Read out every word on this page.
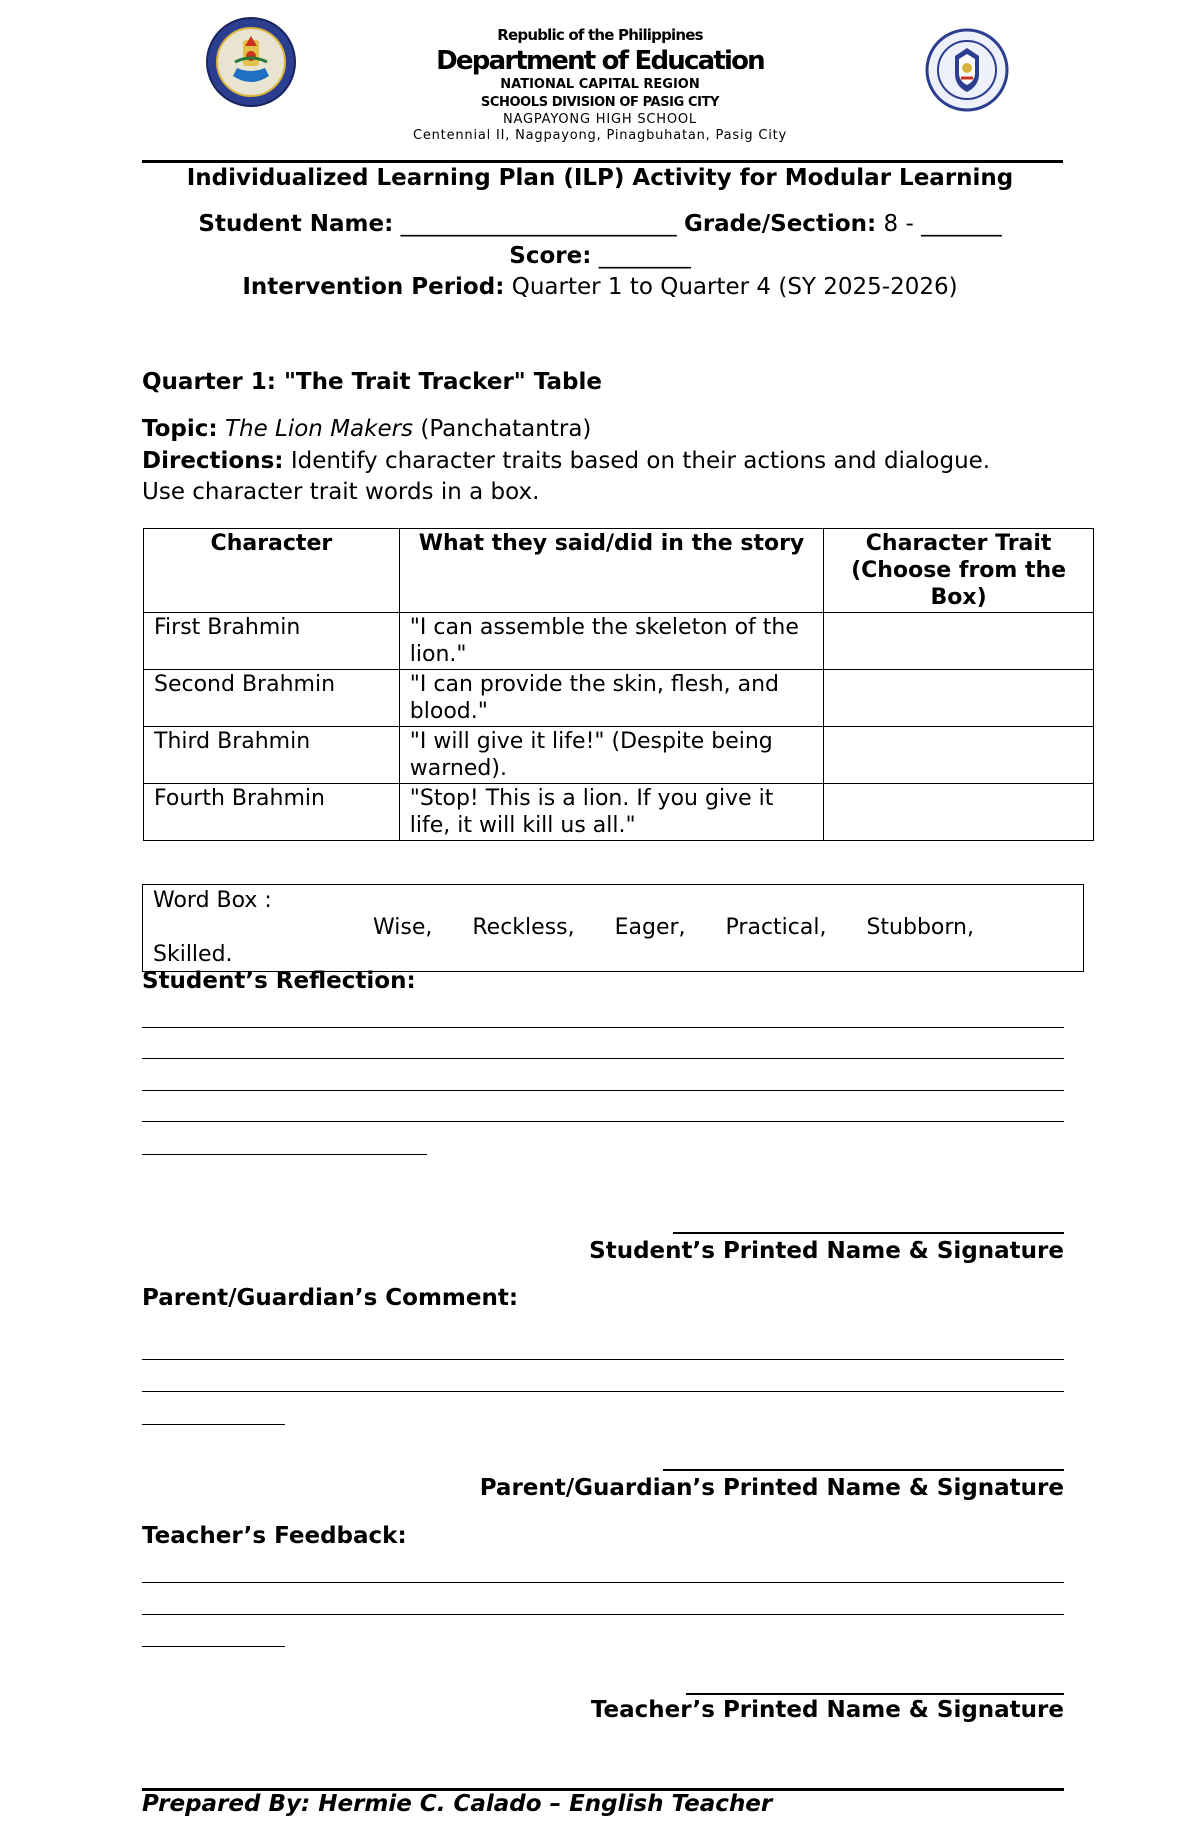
Republic of the Philippines
Department of Education
NATIONAL CAPITAL REGION
SCHOOLS DIVISION OF PASIG CITY
NAGPAYONG HIGH SCHOOL
Centennial II, Nagpayong, Pinagbuhatan, Pasig City
Individualized Learning Plan (ILP) Activity for Modular Learning
Student Name: ________________________ Grade/Section: 8 - _______
Score: ________
Intervention Period: Quarter 1 to Quarter 4 (SY 2025-2026)
Quarter 1: "The Trait Tracker" Table
Topic: The Lion Makers (Panchatantra)
Directions: Identify character traits based on their actions and dialogue.
Use character trait words in a box.
Character	What they said/did in the story	Character Trait (Choose from the Box)
First Brahmin	"I can assemble the skeleton of the lion."	
Second Brahmin	"I can provide the skin, flesh, and blood."	
Third Brahmin	"I will give it life!" (Despite being warned).	
Fourth Brahmin	"Stop! This is a lion. If you give it life, it will kill us all."	
Word Box :
Wise, Reckless, Eager, Practical, Stubborn,
Skilled.
Student’s Reflection:
Student’s Printed Name & Signature
Parent/Guardian’s Comment:
Parent/Guardian’s Printed Name & Signature
Teacher’s Feedback:
Teacher’s Printed Name & Signature
Prepared By: Hermie C. Calado – English Teacher
